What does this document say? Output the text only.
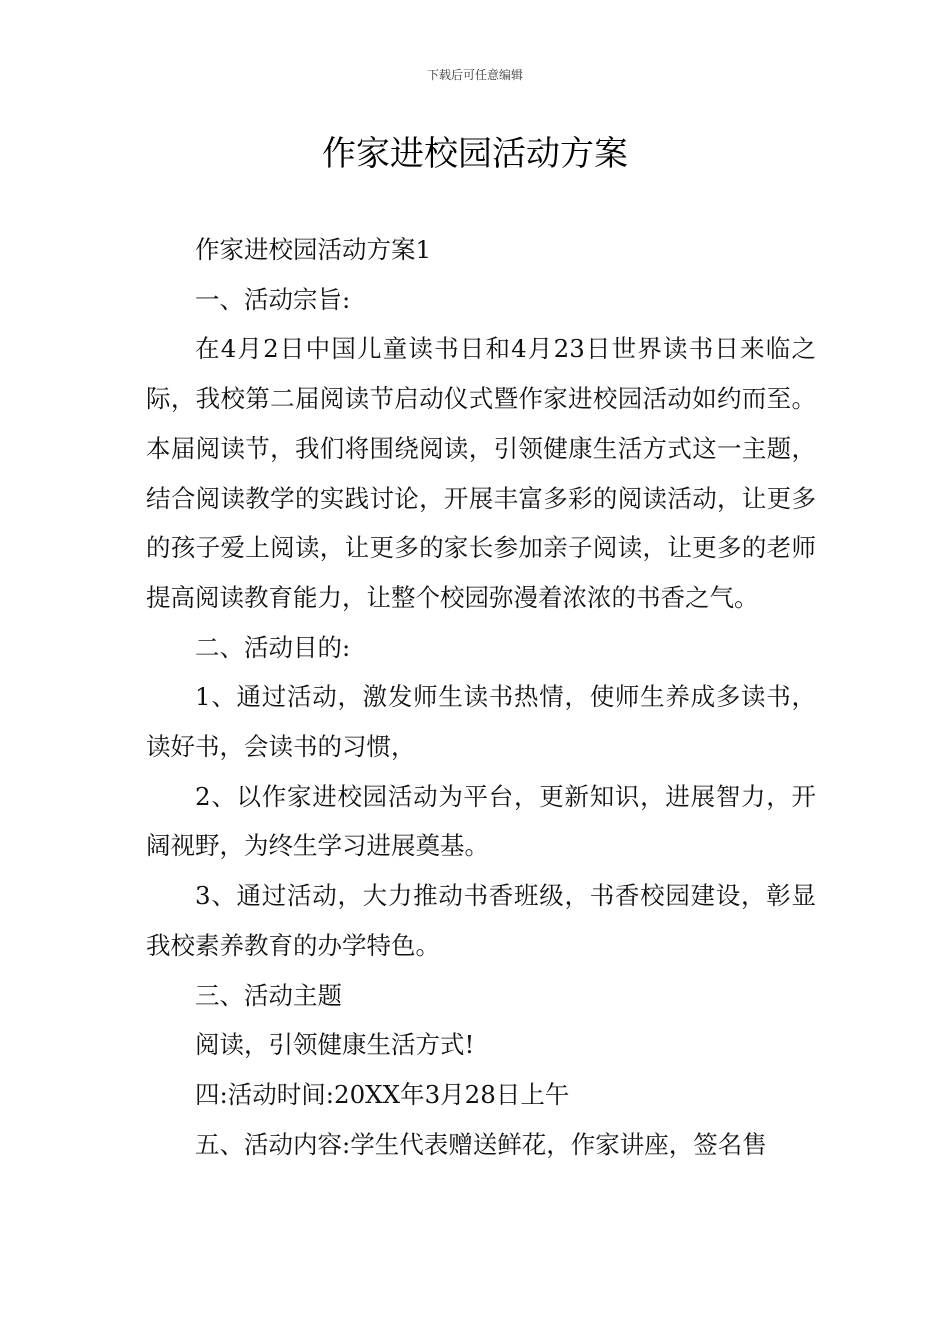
下载后可任意编辑
作家进校园活动方案

作家进校园活动方案1

一、活动宗旨:

在4月2日中国儿童读书日和4月23日世界读书日来临之际，我校第二届阅读节启动仪式暨作家进校园活动如约而至。本届阅读节，我们将围绕阅读，引领健康生活方式这一主题，结合阅读教学的实践讨论，开展丰富多彩的阅读活动，让更多的孩子爱上阅读，让更多的家长参加亲子阅读，让更多的老师提高阅读教育能力，让整个校园弥漫着浓浓的书香之气。

二、活动目的:

1、通过活动，激发师生读书热情，使师生养成多读书，读好书，会读书的习惯，

2、以作家进校园活动为平台，更新知识，进展智力，开阔视野，为终生学习进展奠基。

3、通过活动，大力推动书香班级，书香校园建设，彰显我校素养教育的办学特色。

三、活动主题

阅读，引领健康生活方式!

四:活动时间:20XX年3月28日上午

五、活动内容:学生代表赠送鲜花，作家讲座，签名售
